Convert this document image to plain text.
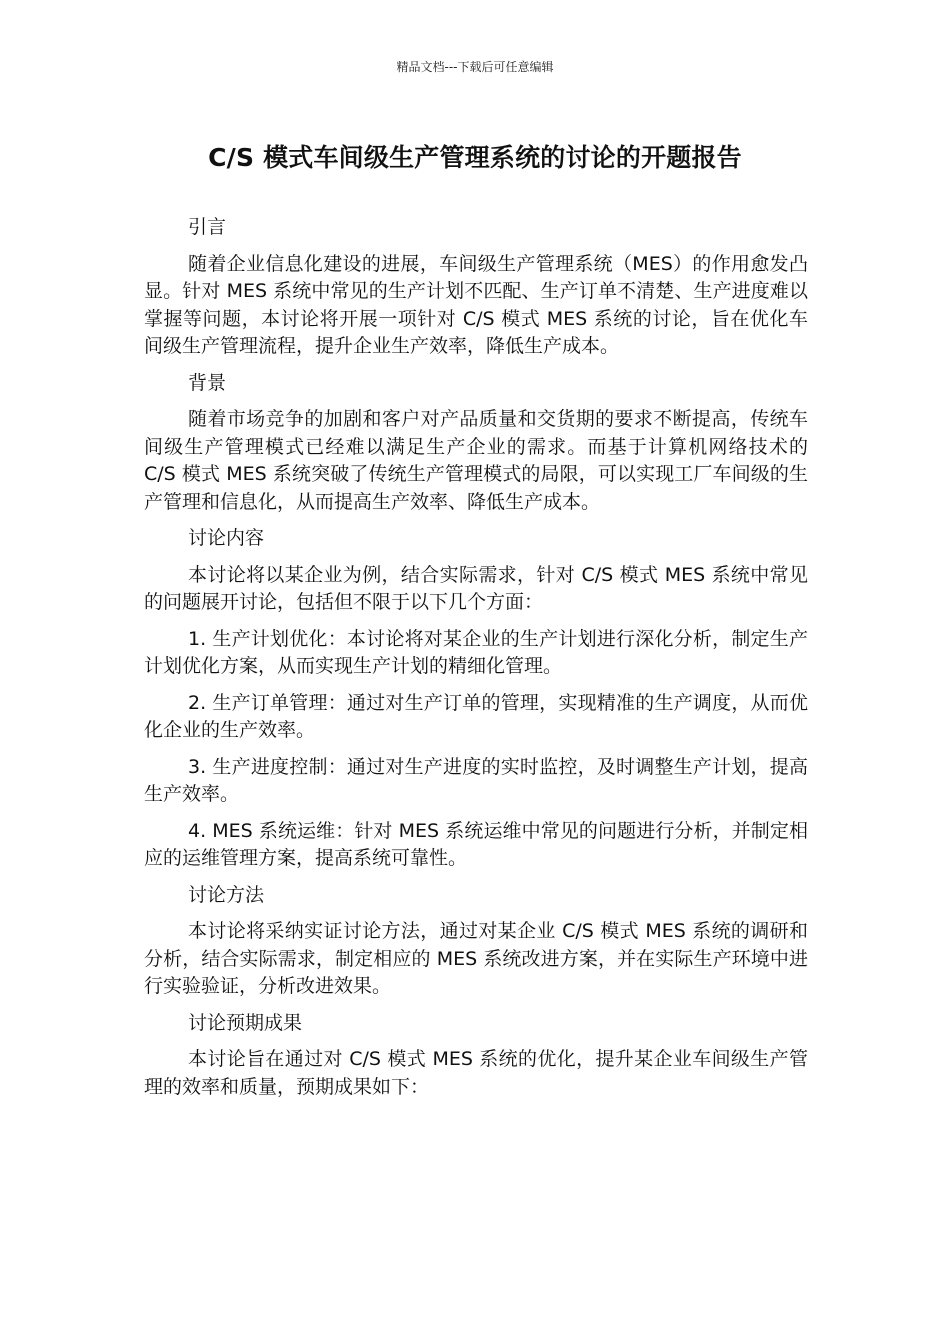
精品文档---下载后可任意编辑
C/S 模式车间级生产管理系统的讨论的开题报告

引言

随着企业信息化建设的进展，车间级生产管理系统（MES）的作用愈发凸显。针对 MES 系统中常见的生产计划不匹配、生产订单不清楚、生产进度难以掌握等问题，本讨论将开展一项针对 C/S 模式 MES 系统的讨论，旨在优化车间级生产管理流程，提升企业生产效率，降低生产成本。

背景

随着市场竞争的加剧和客户对产品质量和交货期的要求不断提高，传统车间级生产管理模式已经难以满足生产企业的需求。而基于计算机网络技术的 C/S 模式 MES 系统突破了传统生产管理模式的局限，可以实现工厂车间级的生产管理和信息化，从而提高生产效率、降低生产成本。

讨论内容

本讨论将以某企业为例，结合实际需求，针对 C/S 模式 MES 系统中常见的问题展开讨论，包括但不限于以下几个方面：

1. 生产计划优化：本讨论将对某企业的生产计划进行深化分析，制定生产计划优化方案，从而实现生产计划的精细化管理。

2. 生产订单管理：通过对生产订单的管理，实现精准的生产调度，从而优化企业的生产效率。

3. 生产进度控制：通过对生产进度的实时监控，及时调整生产计划，提高生产效率。

4. MES 系统运维：针对 MES 系统运维中常见的问题进行分析，并制定相应的运维管理方案，提高系统可靠性。

讨论方法

本讨论将采纳实证讨论方法，通过对某企业 C/S 模式 MES 系统的调研和分析，结合实际需求，制定相应的 MES 系统改进方案，并在实际生产环境中进行实验验证，分析改进效果。

讨论预期成果

本讨论旨在通过对 C/S 模式 MES 系统的优化，提升某企业车间级生产管理的效率和质量，预期成果如下：
